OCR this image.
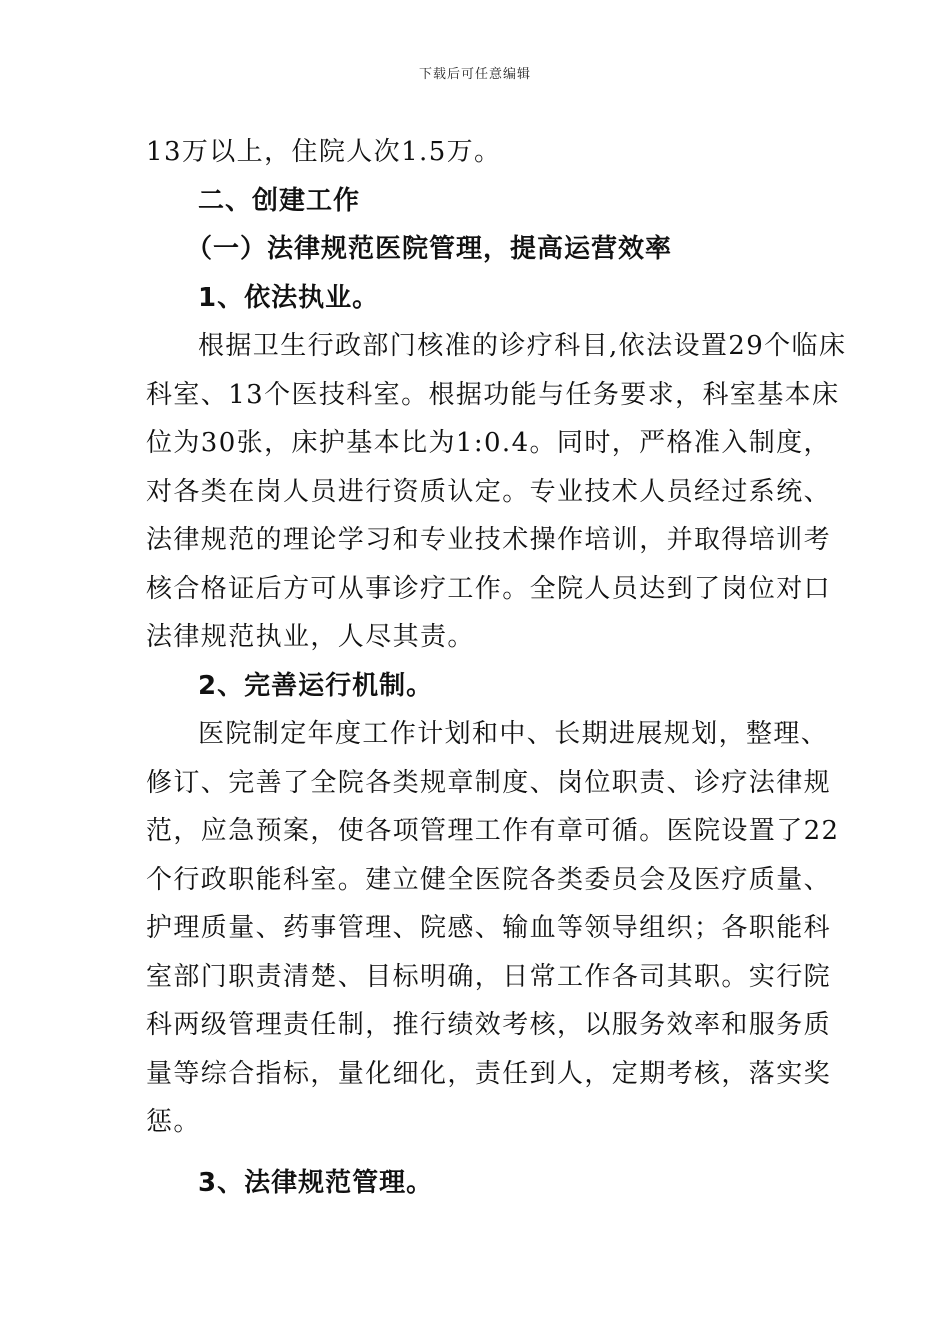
下载后可任意编辑
13万以上，住院人次1.5万。
二、创建工作
（一）法律规范医院管理，提高运营效率
1、依法执业。
根据卫生行政部门核准的诊疗科目,依法设置29个临床
科室、13个医技科室。根据功能与任务要求，科室基本床
位为30张，床护基本比为1:0.4。同时，严格准入制度，
对各类在岗人员进行资质认定。专业技术人员经过系统、
法律规范的理论学习和专业技术操作培训，并取得培训考
核合格证后方可从事诊疗工作。全院人员达到了岗位对口
法律规范执业，人尽其责。
2、完善运行机制。
医院制定年度工作计划和中、长期进展规划，整理、
修订、完善了全院各类规章制度、岗位职责、诊疗法律规
范，应急预案，使各项管理工作有章可循。医院设置了22
个行政职能科室。建立健全医院各类委员会及医疗质量、
护理质量、药事管理、院感、输血等领导组织；各职能科
室部门职责清楚、目标明确，日常工作各司其职。实行院
科两级管理责任制，推行绩效考核，以服务效率和服务质
量等综合指标，量化细化，责任到人，定期考核，落实奖
惩。
3、法律规范管理。
